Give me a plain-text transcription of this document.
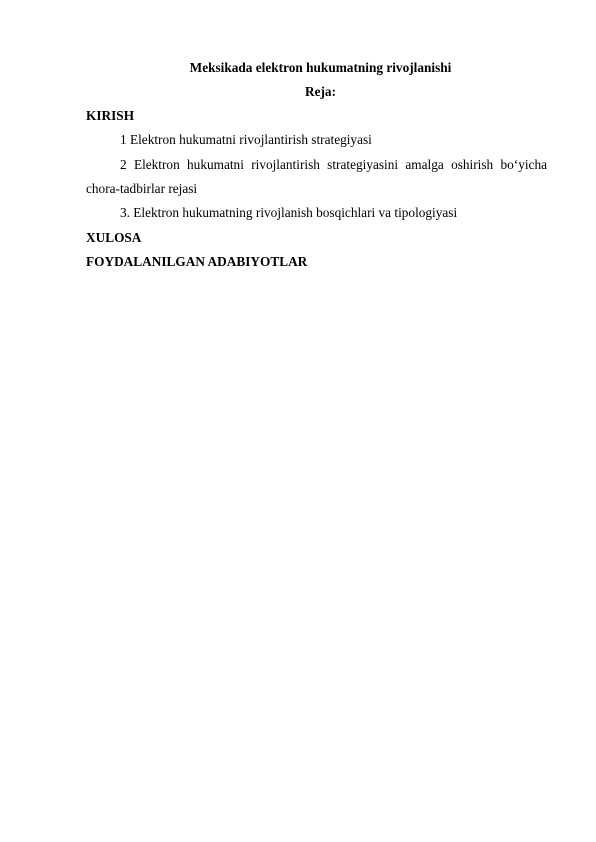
Meksikada elektron hukumatning rivojlanishi
Reja:
KIRISH
1 Elektron hukumatni rivojlantirish strategiyasi
2 Elektron hukumatni rivojlantirish strategiyasini amalga oshirish bo‘yicha
chora-tadbirlar rejasi
3. Elektron hukumatning rivojlanish bosqichlari va tipologiyasi
XULOSA
FOYDALANILGAN ADABIYOTLAR
